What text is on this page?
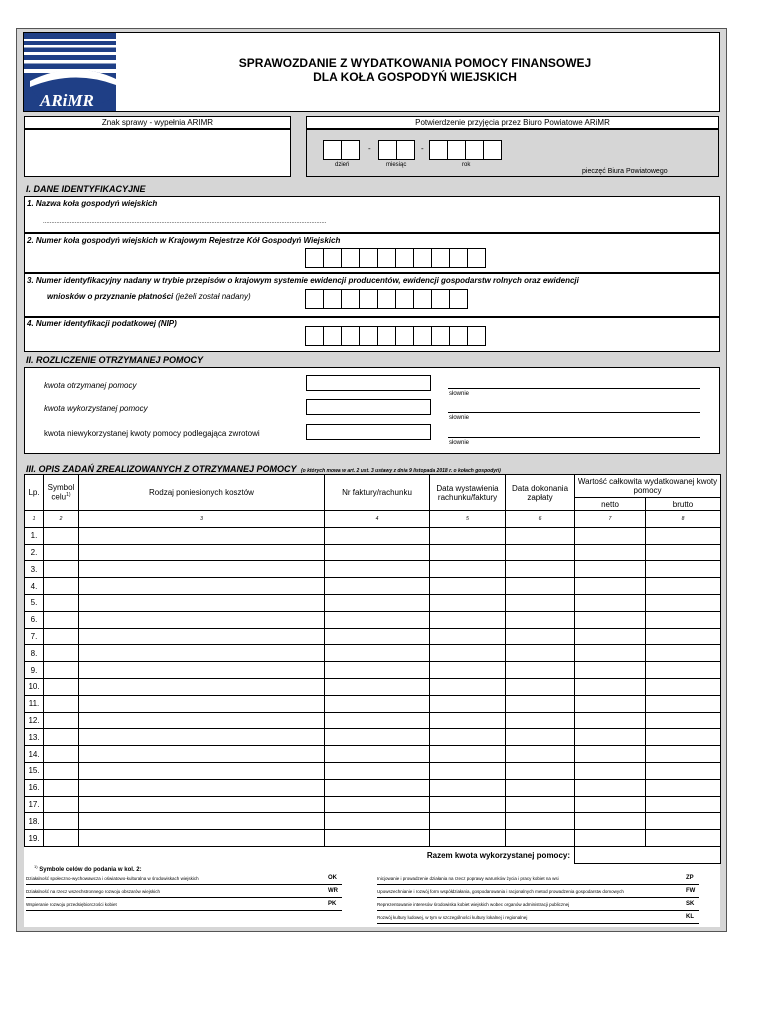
ARiMR
SPRAWOZDANIE Z WYDATKOWANIA POMOCY FINANSOWEJ
DLA KOŁA GOSPODYŃ WIEJSKICH
Znak sprawy - wypełnia ARIMR	Potwierdzenie przyjęcia przez Biuro Powiatowe ARiMR
-	-
dzień	miesiąc	rok
pieczęć Biura Powiatowego
I. DANE IDENTYFIKACYJNE
1. Nazwa koła gospodyń wiejskich
..........................................................................................................................................................................
2. Numer koła gospodyń wiejskich w Krajowym Rejestrze Kół Gospodyń Wiejskich
3. Numer identyfikacyjny nadany w trybie przepisów o krajowym systemie ewidencji producentów, ewidencji gospodarstw rolnych oraz ewidencji
wniosków o przyznanie płatności (jeżeli został nadany)
4. Numer identyfikacji podatkowej (NIP)
II. ROZLICZENIE OTRZYMANEJ POMOCY
kwota otrzymanej pomocy
słownie
kwota wykorzystanej pomocy
słownie
kwota niewykorzystanej kwoty pomocy podlegająca zwrotowi
słownie
III. OPIS ZADAŃ ZREALIZOWANYCH Z OTRZYMANEJ POMOCY (o których mowa w art. 2 ust. 3 ustawy z dnia 9 listopada 2018 r. o kołach gospodyń)
Lp.	Symbol celu$^{1)}$	Rodzaj poniesionych kosztów	Nr faktury/rachunku	Data wystawienia rachunku/faktury	Data dokonania zapłaty	Wartość całkowita wydatkowanej kwoty pomocy	
						netto	brutto
1	2	3	4	5	6	7	8
1.							
2.							
3.							
4.							
5.							
6.							
7.							
8.							
9.							
10.							
11.							
12.							
13.							
14.							
15.							
16.							
17.							
18.							
19.							
Razem kwota wykorzystanej pomocy:							
$^{1)}$ Symbole celów do podania w kol. 2:
Działalność społeczno-wychowawcza i oświatowo-kulturalna w środowiskach wiejskich	OK
Działalność na rzecz wszechstronnego rozwoju obszarów wiejskich	WR
Wspieranie rozwoju przedsiębiorczości kobiet	PK
Inicjowanie i prowadzenie działania na rzecz poprawy warunków życia i pracy kobiet na wsi	ZP
Upowszechnianie i rozwój form współdziałania, gospodarowania i racjonalnych metod prowadzenia gospodarstw domowych	FW
Reprezentowanie interesów środowiska kobiet wiejskich wobec organów administracji publicznej	SK
Rozwój kultury ludowej, w tym w szczególności kultury lokalnej i regionalnej	KL
